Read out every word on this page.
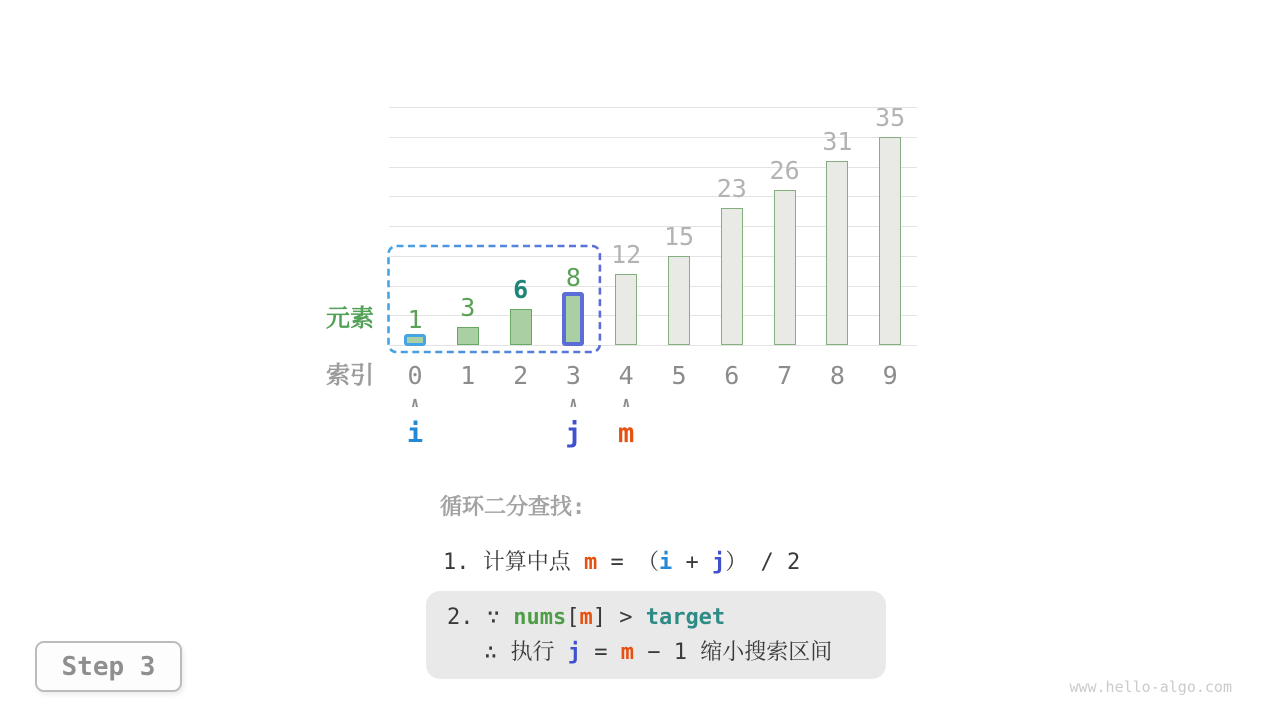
1
0
3
1
6
2
8
3
12
4
15
5
23
6
26
7
31
8
35
9
∧
i
∧
j
∧
m
元素
索引
循环二分查找:
1. 计算中点 m = （i + j） / 2
2. ∵ nums[m] > target
∴ 执行 j = m − 1 缩小搜索区间
Step 3
www.hello-algo.com
